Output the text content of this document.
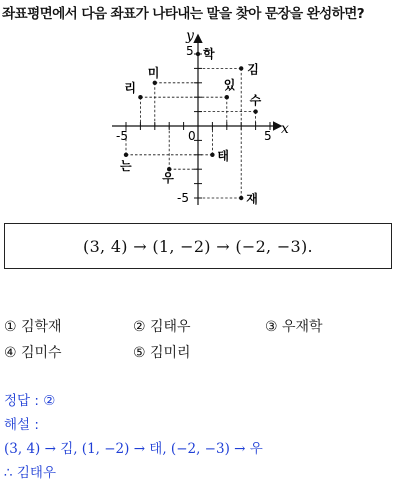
좌표평면에서 다음 좌표가 나타내는 말을 찾아 문장을 완성하면?
x
y
0
-5	5
5
-5
학
김
미
리	있
수
태
는
우
재
(3, 4) → (1, −2) → (−2, −3).
① 김학재	② 김태우	③ 우재학
④ 김미수	⑤ 김미리
정답 : ②
해설 :
(3, 4) → 김, (1, −2) → 태, (−2, −3) → 우
∴ 김태우
